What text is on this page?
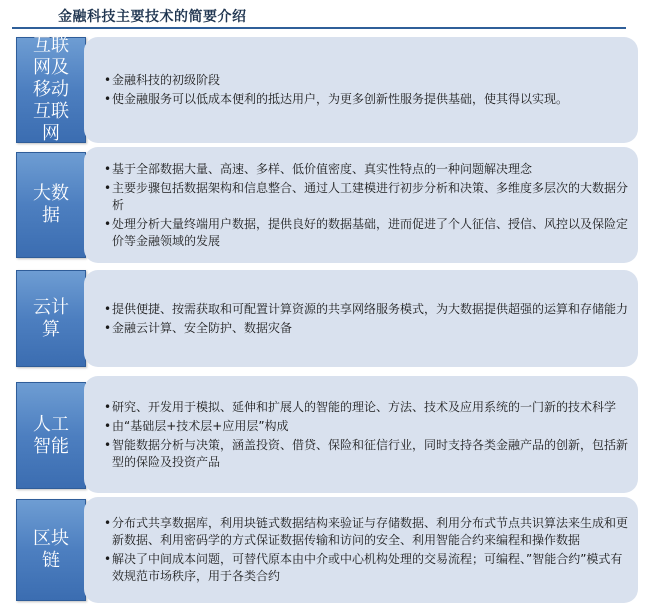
金融科技主要技术的简要介绍
互联网及移动互联网
• 金融科技的初级阶段
• 使金融服务可以低成本便利的抵达用户，为更多创新性服务提供基础，使其得以实现。
大数据
• 基于全部数据大量、高速、多样、低价值密度、真实性特点的一种问题解决理念
• 主要步骤包括数据架构和信息整合、通过人工建模进行初步分析和决策、多维度多层次的大数据分析
• 处理分析大量终端用户数据，提供良好的数据基础，进而促进了个人征信、授信、风控以及保险定价等金融领域的发展
云计算
• 提供便捷、按需获取和可配置计算资源的共享网络服务模式，为大数据提供超强的运算和存储能力
• 金融云计算、安全防护、数据灾备
人工智能
• 研究、开发用于模拟、延伸和扩展人的智能的理论、方法、技术及应用系统的一门新的技术科学
• 由“基础层+技术层+应用层”构成
• 智能数据分析与决策，涵盖投资、借贷、保险和征信行业，同时支持各类金融产品的创新，包括新型的保险及投资产品
区块链
• 分布式共享数据库，利用块链式数据结构来验证与存储数据、利用分布式节点共识算法来生成和更新数据、利用密码学的方式保证数据传输和访问的安全、利用智能合约来编程和操作数据
• 解决了中间成本问题，可替代原本由中介或中心机构处理的交易流程；可编程、”智能合约”模式有效规范市场秩序，用于各类合约
